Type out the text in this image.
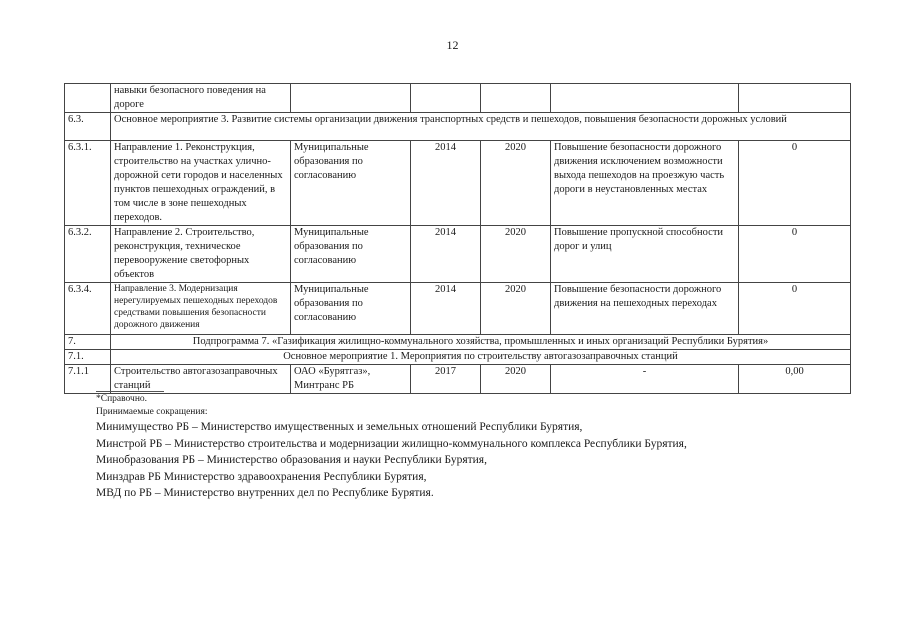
12
	навыки безопасного поведения на дороге					
6.3.	Основное мероприятие 3. Развитие системы организации движения транспортных средств и пешеходов, повышения безопасности дорожных условий					
6.3.1.	Направление 1. Реконструкция, строительство на участках улично-дорожной сети городов и населенных пунктов пешеходных ограждений, в том числе в зоне пешеходных переходов.	Муниципальные образования по согласованию	2014	2020	Повышение безопасности дорожного движения исключением возможности выхода пешеходов на проезжую часть дороги в неустановленных местах	0
6.3.2.	Направление 2. Строительство, реконструкция, техническое перевооружение светофорных объектов	Муниципальные образования по согласованию	2014	2020	Повышение пропускной способности дорог и улиц	0
6.3.4.	Направление 3. Модернизация нерегулируемых пешеходных переходов средствами повышения безопасности дорожного движения	Муниципальные образования по согласованию	2014	2020	Повышение безопасности дорожного движения на пешеходных переходах	0
7.	Подпрограмма 7. «Газификация жилищно-коммунального хозяйства, промышленных и иных организаций Республики Бурятия»					
7.1.	Основное мероприятие 1. Мероприятия по строительству автогазозаправочных станций					
7.1.1	Строительство автогазозаправочных станций	ОАО «Бурятгаз», Минтранс РБ	2017	2020	-	0,00
*Справочно.
Принимаемые сокращения:
Минимущество РБ – Министерство имущественных и земельных отношений Республики Бурятия,
Минстрой РБ – Министерство строительства и модернизации жилищно-коммунального комплекса Республики Бурятия,
Минобразования РБ – Министерство образования и науки Республики Бурятия,
Минздрав РБ Министерство здравоохранения Республики Бурятия,
МВД по РБ – Министерство внутренних дел по Республике Бурятия.
